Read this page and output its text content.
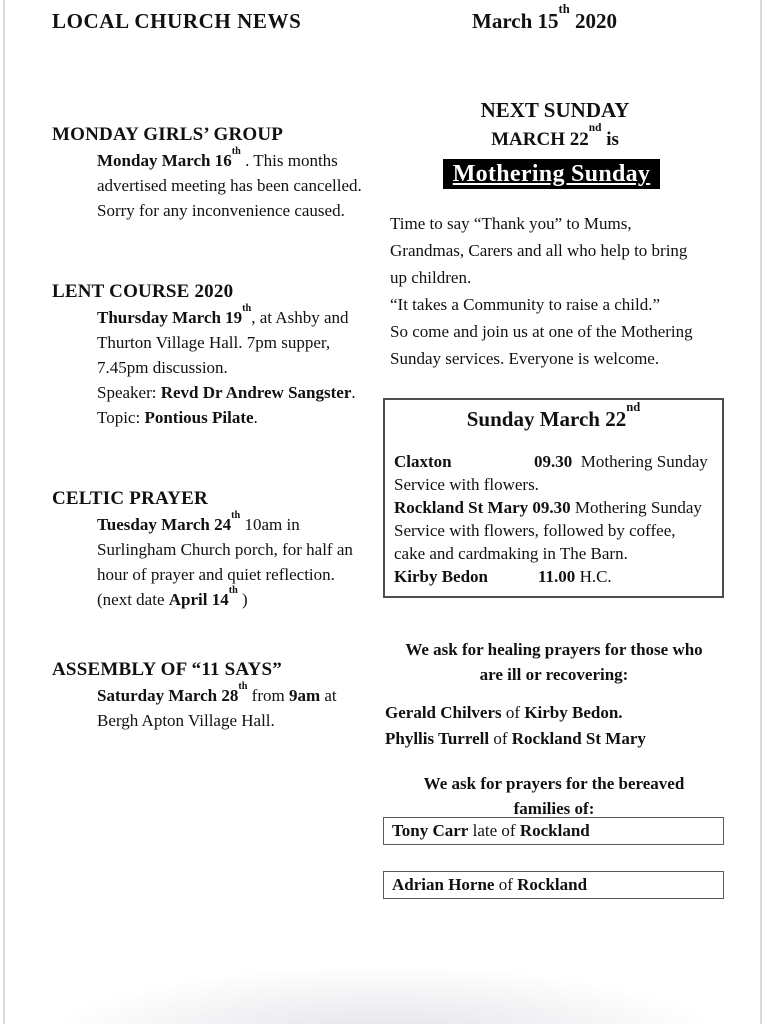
LOCAL CHURCH NEWS	March 15th 2020
MONDAY GIRLS’ GROUP
Monday March 16th . This months
advertised meeting has been cancelled.
Sorry for any inconvenience caused.
LENT COURSE 2020
Thursday March 19th, at Ashby and
Thurton Village Hall. 7pm supper,
7.45pm discussion.
Speaker: Revd Dr Andrew Sangster.
Topic: Pontious Pilate.
CELTIC PRAYER
Tuesday March 24th 10am in
Surlingham Church porch, for half an
hour of prayer and quiet reflection.
(next date April 14th )
ASSEMBLY OF “11 SAYS”
Saturday March 28th from 9am at
Bergh Apton Village Hall.
NEXT SUNDAY
MARCH 22nd is
Mothering Sunday
Time to say “Thank you” to Mums,
Grandmas, Carers and all who help to bring
up children.
“It takes a Community to raise a child.”
So come and join us at one of the Mothering
Sunday services. Everyone is welcome.
Sunday March 22nd
Claxton	09.30  Mothering Sunday
Service with flowers.
Rockland St Mary 09.30 Mothering Sunday
Service with flowers, followed by coffee,
cake and cardmaking in The Barn.
Kirby Bedon	11.00 H.C.
We ask for healing prayers for those who
are ill or recovering:
Gerald Chilvers of Kirby Bedon.
Phyllis Turrell of Rockland St Mary
We ask for prayers for the bereaved
families of:
Tony Carr late of Rockland
Adrian Horne of Rockland
